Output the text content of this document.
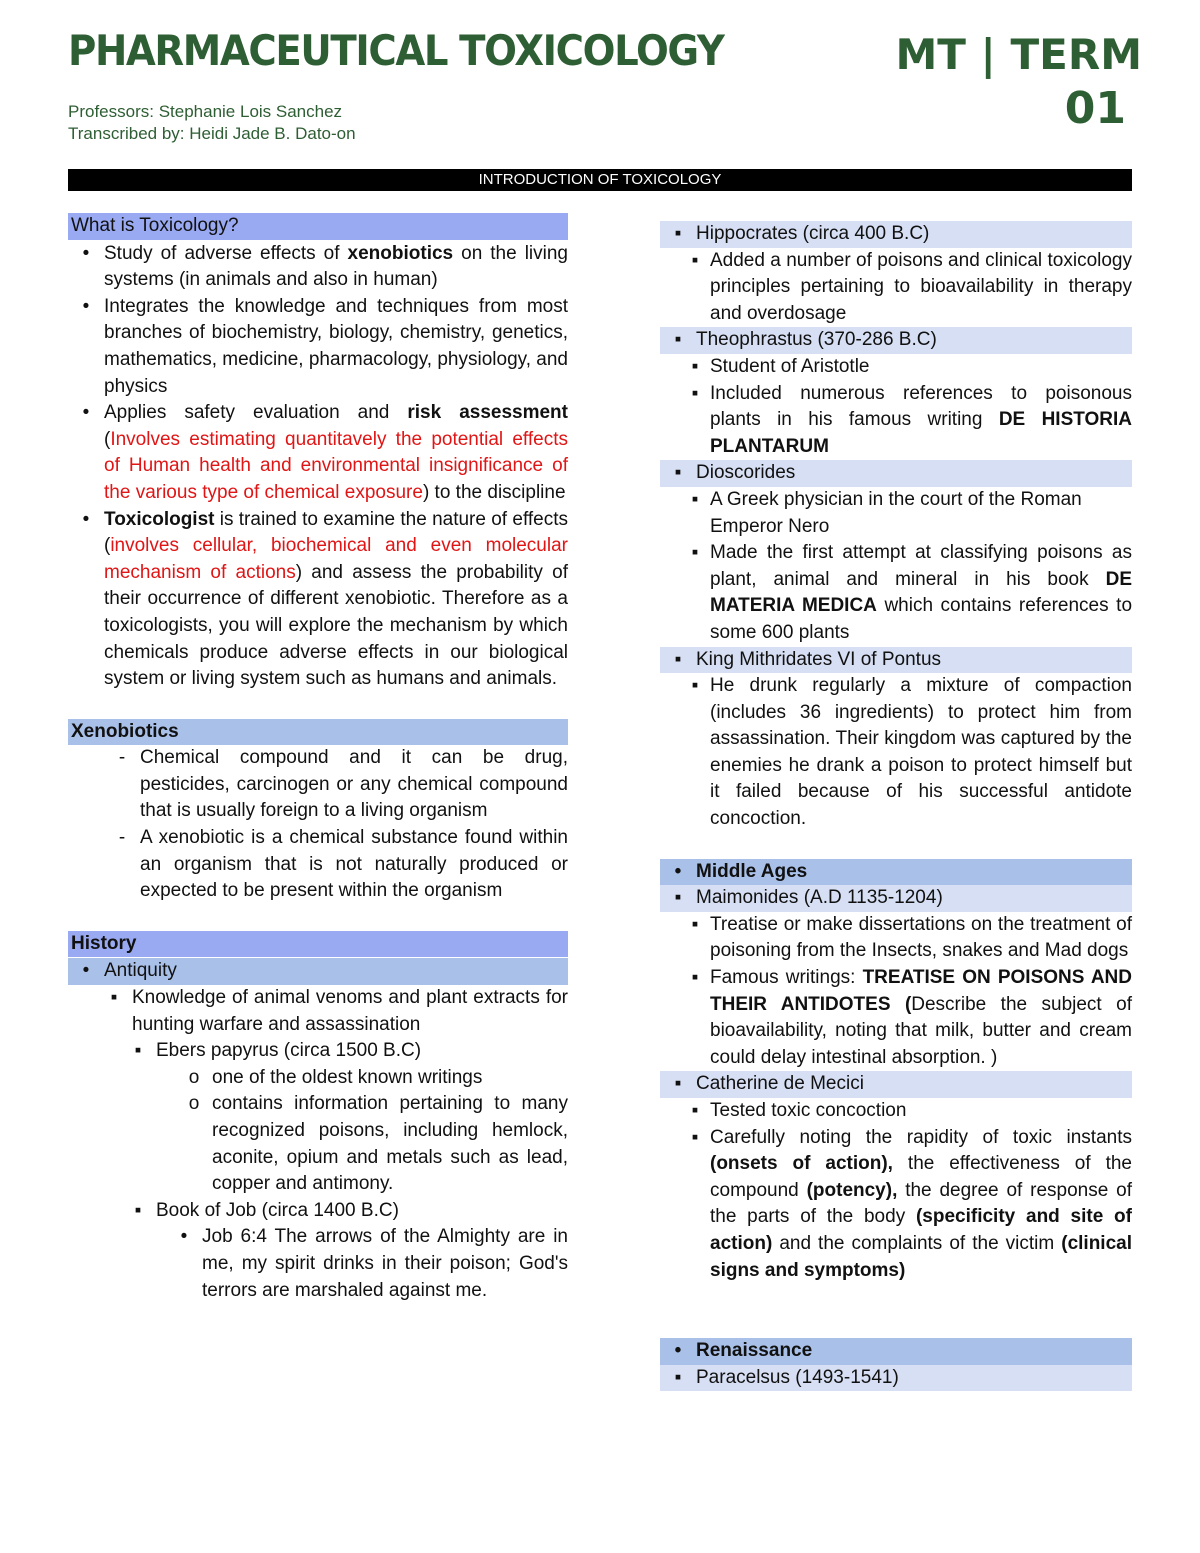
PHARMACEUTICAL TOXICOLOGY	MT | TERM
01
Professors: Stephanie Lois Sanchez
Transcribed by: Heidi Jade B. Dato-on
INTRODUCTION OF TOXICOLOGY
What is Toxicology?
• Study of adverse effects of xenobiotics on the living systems (in animals and also in human)
• Integrates the knowledge and techniques from most branches of biochemistry, biology, chemistry, genetics, mathematics, medicine, pharmacology, physiology, and physics
• Applies safety evaluation and risk assessment (Involves estimating quantitavely the potential effects of Human health and environmental insignificance of the various type of chemical exposure) to the discipline
• Toxicologist is trained to examine the nature of effects (involves cellular, biochemical and even molecular mechanism of actions) and assess the probability of their occurrence of different xenobiotic. Therefore as a toxicologists, you will explore the mechanism by which chemicals produce adverse effects in our biological system or living system such as humans and animals.
Xenobiotics
- Chemical compound and it can be drug, pesticides, carcinogen or any chemical compound that is usually foreign to a living organism
- A xenobiotic is a chemical substance found within an organism that is not naturally produced or expected to be present within the organism
History
• Antiquity
▪ Knowledge of animal venoms and plant extracts for hunting warfare and assassination
▪ Ebers papyrus (circa 1500 B.C)
o one of the oldest known writings
o contains information pertaining to many recognized poisons, including hemlock, aconite, opium and metals such as lead, copper and antimony.
▪ Book of Job (circa 1400 B.C)
• Job 6:4 The arrows of the Almighty are in me, my spirit drinks in their poison; God's terrors are marshaled against me.
▪ Hippocrates (circa 400 B.C)
▪ Added a number of poisons and clinical toxicology principles pertaining to bioavailability in therapy and overdosage
▪ Theophrastus (370-286 B.C)
▪ Student of Aristotle
▪ Included numerous references to poisonous plants in his famous writing DE HISTORIA PLANTARUM
▪ Dioscorides
▪ A Greek physician in the court of the Roman Emperor Nero
▪ Made the first attempt at classifying poisons as plant, animal and mineral in his book DE MATERIA MEDICA which contains references to some 600 plants
▪ King Mithridates VI of Pontus
▪ He drunk regularly a mixture of compaction (includes 36 ingredients) to protect him from assassination. Their kingdom was captured by the enemies he drank a poison to protect himself but it failed because of his successful antidote concoction.
• Middle Ages
▪ Maimonides (A.D 1135-1204)
▪ Treatise or make dissertations on the treatment of poisoning from the Insects, snakes and Mad dogs
▪ Famous writings: TREATISE ON POISONS AND THEIR ANTIDOTES (Describe the subject of bioavailability, noting that milk, butter and cream could delay intestinal absorption. )
▪ Catherine de Mecici
▪ Tested toxic concoction
▪ Carefully noting the rapidity of toxic instants (onsets of action), the effectiveness of the compound (potency), the degree of response of the parts of the body (specificity and site of action) and the complaints of the victim (clinical signs and symptoms)
• Renaissance
▪ Paracelsus (1493-1541)
